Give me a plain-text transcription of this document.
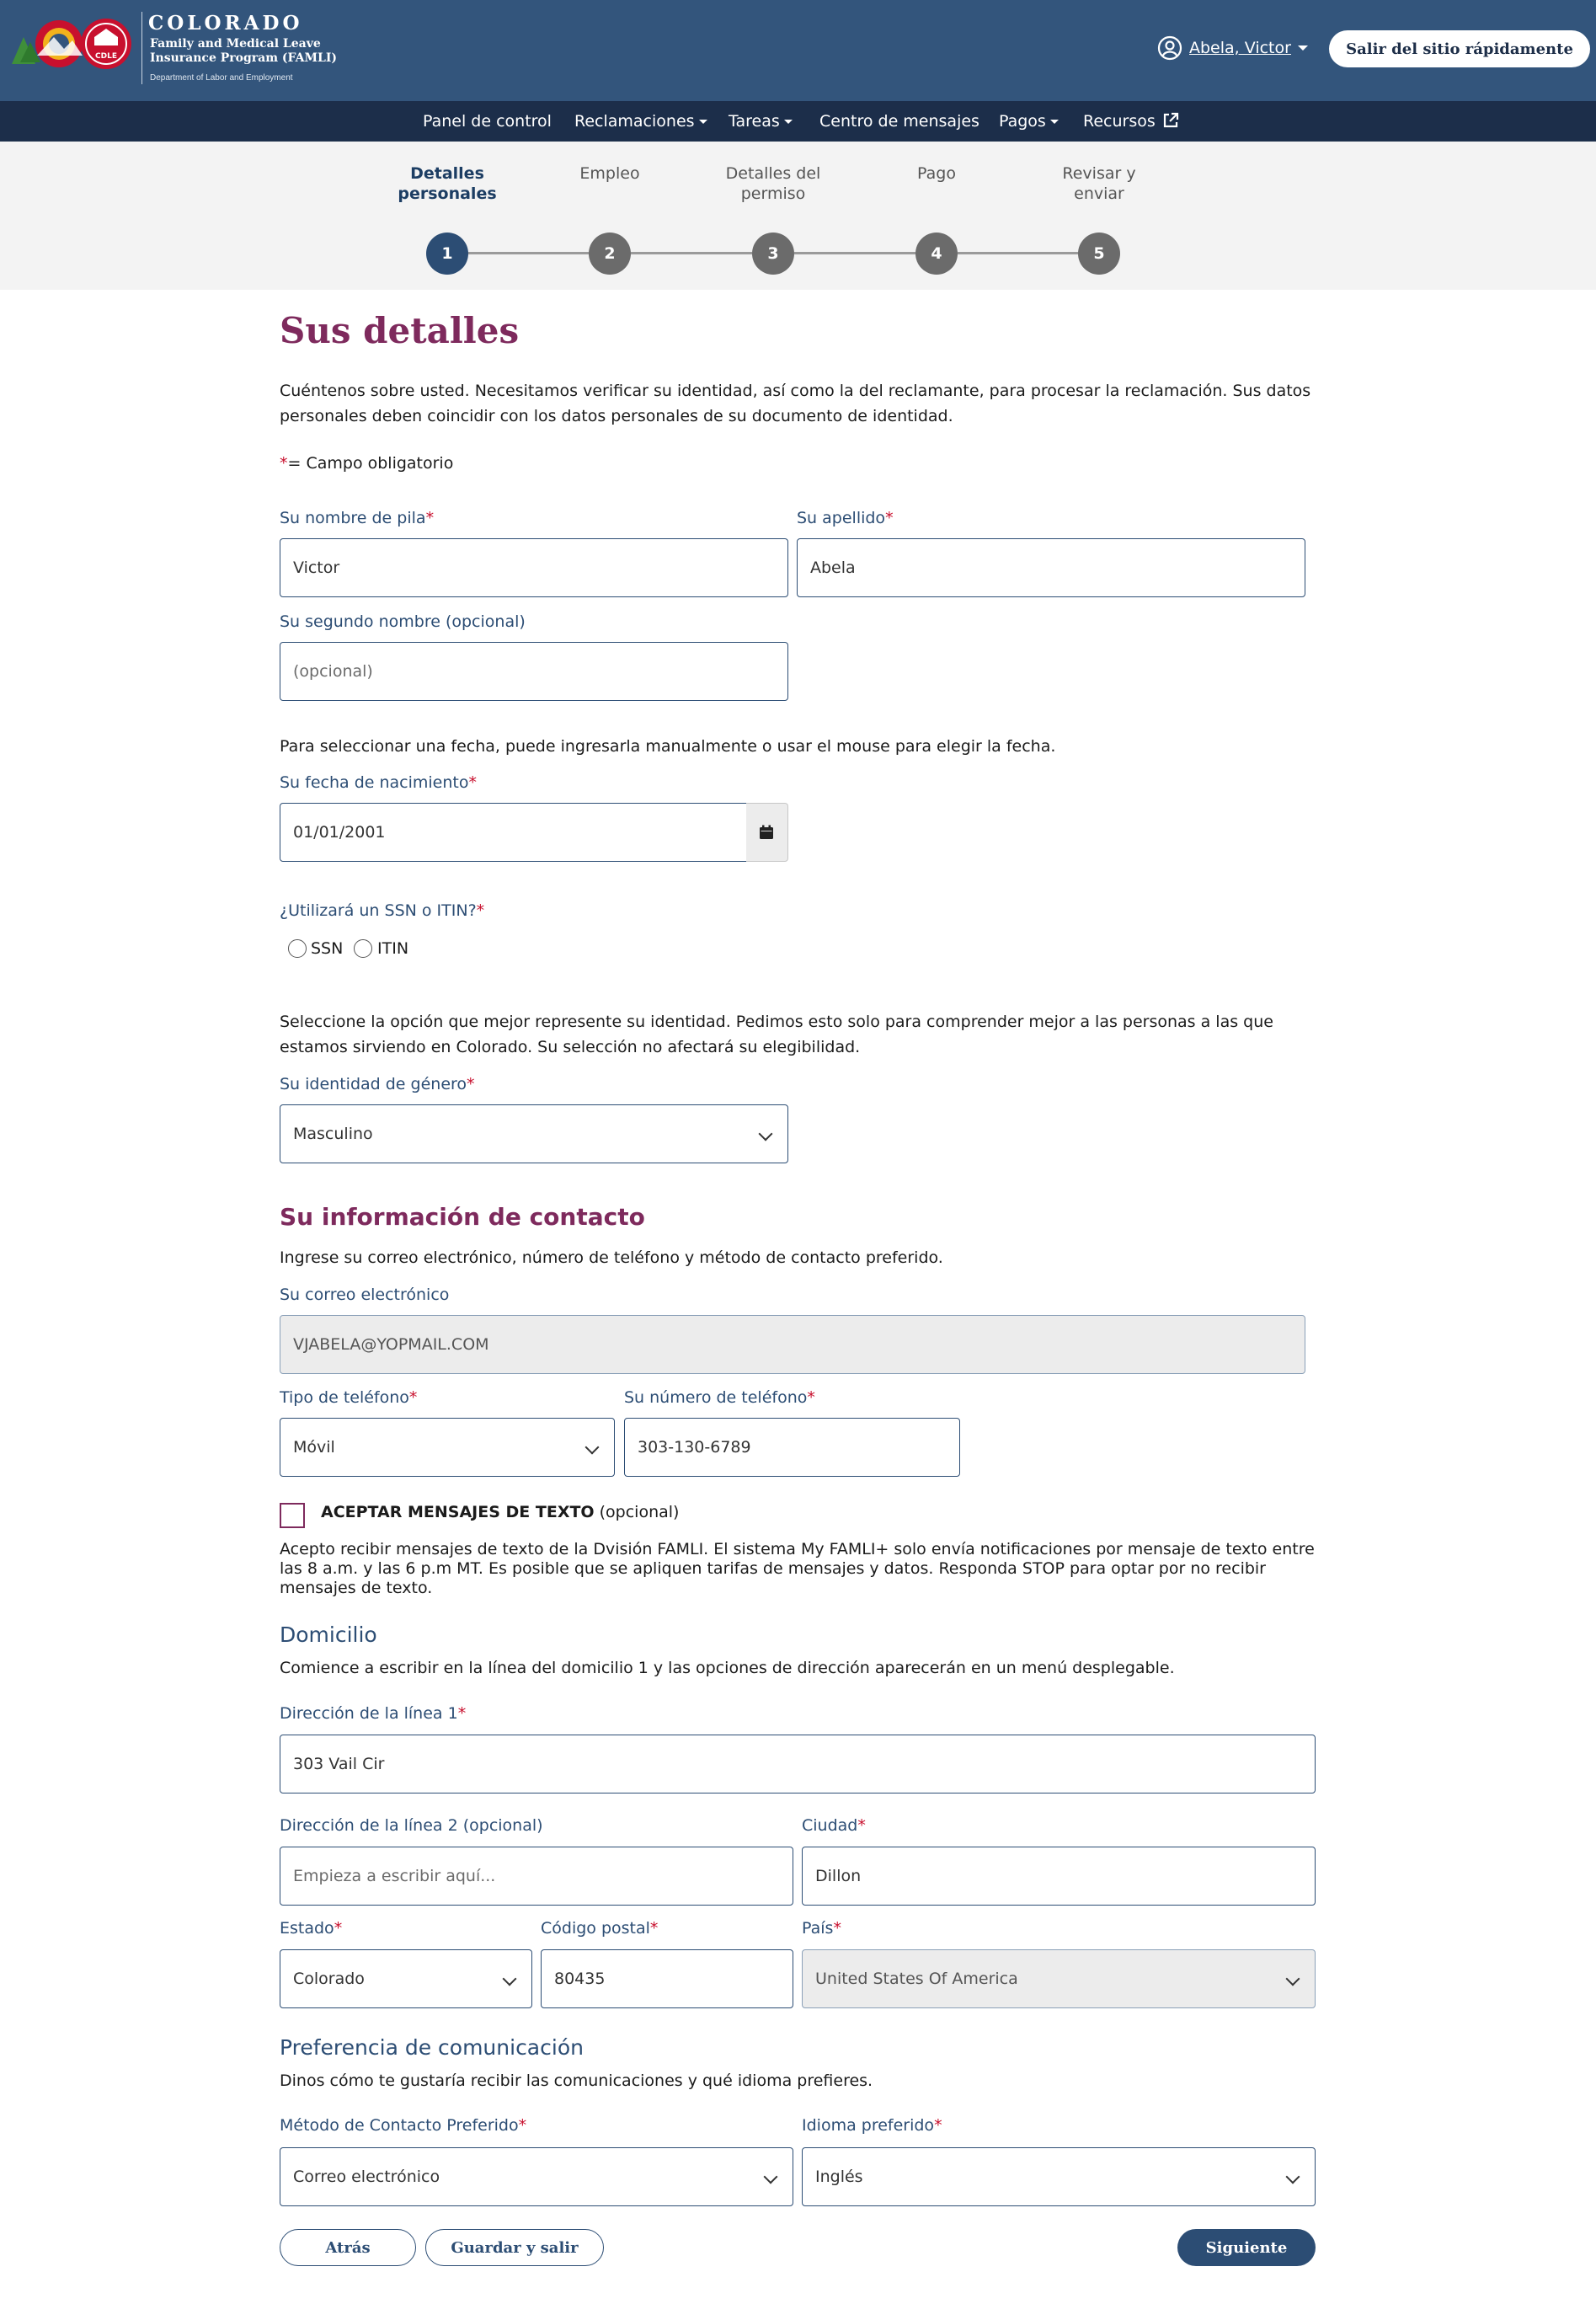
CDLE
COLORADO
Family and Medical Leave Insurance Program (FAMLI)
Department of Labor and Employment
Abela, Victor	Salir del sitio rápidamente
Panel de control Reclamaciones	Tareas	Centro de mensajes Pagos	Recursos
Detalles personales
Empleo	Detalles del permiso
Pago	Revisar y enviar
1	2	3	4	5
Sus detalles
Cuéntenos sobre usted. Necesitamos verificar su identidad, así como la del reclamante, para procesar la reclamación. Sus datos personales deben coincidir con los datos personales de su documento de identidad.
*= Campo obligatorio
Su nombre de pila*
Victor
Su apellido*
Abela
Su segundo nombre (opcional)
(opcional)
Para seleccionar una fecha, puede ingresarla manualmente o usar el mouse para elegir la fecha.
Su fecha de nacimiento*
01/01/2001
¿Utilizará un SSN o ITIN?*
SSN ITIN
Seleccione la opción que mejor represente su identidad. Pedimos esto solo para comprender mejor a las personas a las que estamos sirviendo en Colorado. Su selección no afectará su elegibilidad.
Su identidad de género*
Masculino
Su información de contacto
Ingrese su correo electrónico, número de teléfono y método de contacto preferido.
Su correo electrónico
VJABELA@YOPMAIL.COM
Tipo de teléfono*
Móvil
Su número de teléfono*
303-130-6789
ACEPTAR MENSAJES DE TEXTO (opcional)
Acepto recibir mensajes de texto de la Dvisión FAMLI. El sistema My FAMLI+ solo envía notificaciones por mensaje de texto entre las 8 a.m. y las 6 p.m MT. Es posible que se apliquen tarifas de mensajes y datos. Responda STOP para optar por no recibir mensajes de texto.
Domicilio
Comience a escribir en la línea del domicilio 1 y las opciones de dirección aparecerán en un menú desplegable.
Dirección de la línea 1*
303 Vail Cir
Dirección de la línea 2 (opcional)
Empieza a escribir aquí...
Ciudad*
Dillon
Estado*
Colorado
Código postal*
80435
País*
United States Of America
Preferencia de comunicación
Dinos cómo te gustaría recibir las comunicaciones y qué idioma prefieres.
Método de Contacto Preferido*
Correo electrónico
Idioma preferido*
Inglés
Atrás	Guardar y salir	Siguiente
